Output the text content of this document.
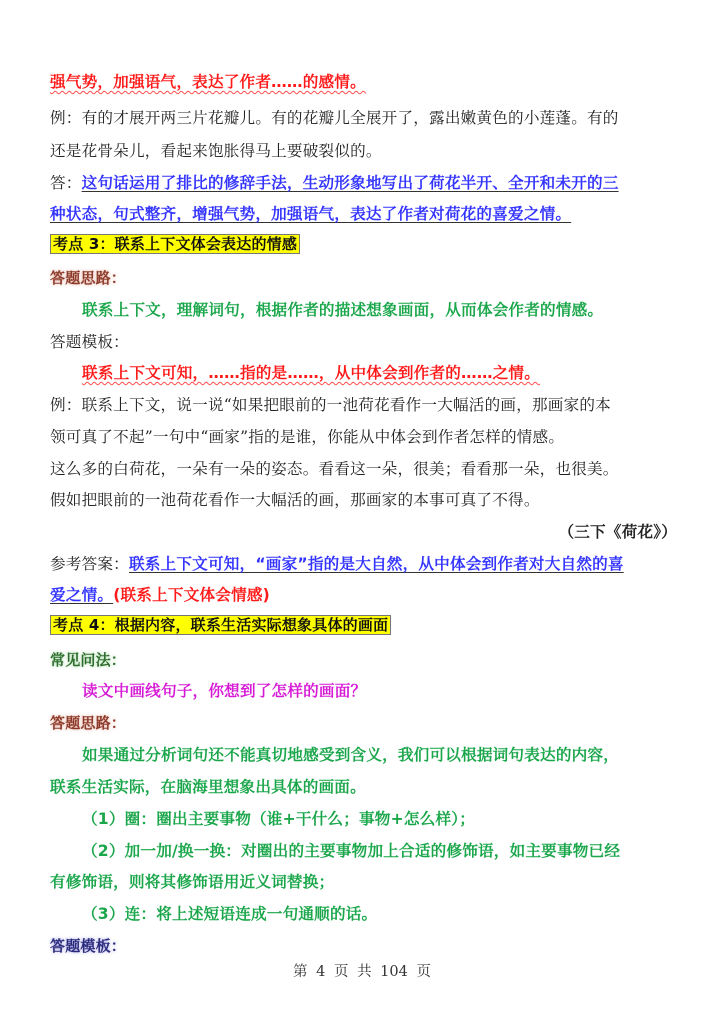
强气势，加强语气，表达了作者……的感情。
例：有的才展开两三片花瓣儿。有的花瓣儿全展开了，露出嫩黄色的小莲蓬。有的
还是花骨朵儿，看起来饱胀得马上要破裂似的。
答：这句话运用了排比的修辞手法，生动形象地写出了荷花半开、全开和未开的三
种状态，句式整齐，增强气势，加强语气，表达了作者对荷花的喜爱之情。
考点 3：联系上下文体会表达的情感
答题思路：
联系上下文，理解词句，根据作者的描述想象画面，从而体会作者的情感。
答题模板：
联系上下文可知，……指的是……，从中体会到作者的……之情。
例：联系上下文，说一说“如果把眼前的一池荷花看作一大幅活的画，那画家的本
领可真了不起”一句中“画家”指的是谁，你能从中体会到作者怎样的情感。
这么多的白荷花，一朵有一朵的姿态。看看这一朵，很美；看看那一朵，也很美。
假如把眼前的一池荷花看作一大幅活的画，那画家的本事可真了不得。
（三下《荷花》）
参考答案：联系上下文可知，“画家”指的是大自然，从中体会到作者对大自然的喜
爱之情。(联系上下文体会情感)
考点 4：根据内容，联系生活实际想象具体的画面
常见问法：
读文中画线句子，你想到了怎样的画面？
答题思路：
如果通过分析词句还不能真切地感受到含义，我们可以根据词句表达的内容，
联系生活实际，在脑海里想象出具体的画面。
（1）圈：圈出主要事物（谁+干什么；事物+怎么样）；
（2）加一加/换一换：对圈出的主要事物加上合适的修饰语，如主要事物已经
有修饰语，则将其修饰语用近义词替换；
（3）连：将上述短语连成一句通顺的话。
答题模板：
第 4 页 共 104 页
